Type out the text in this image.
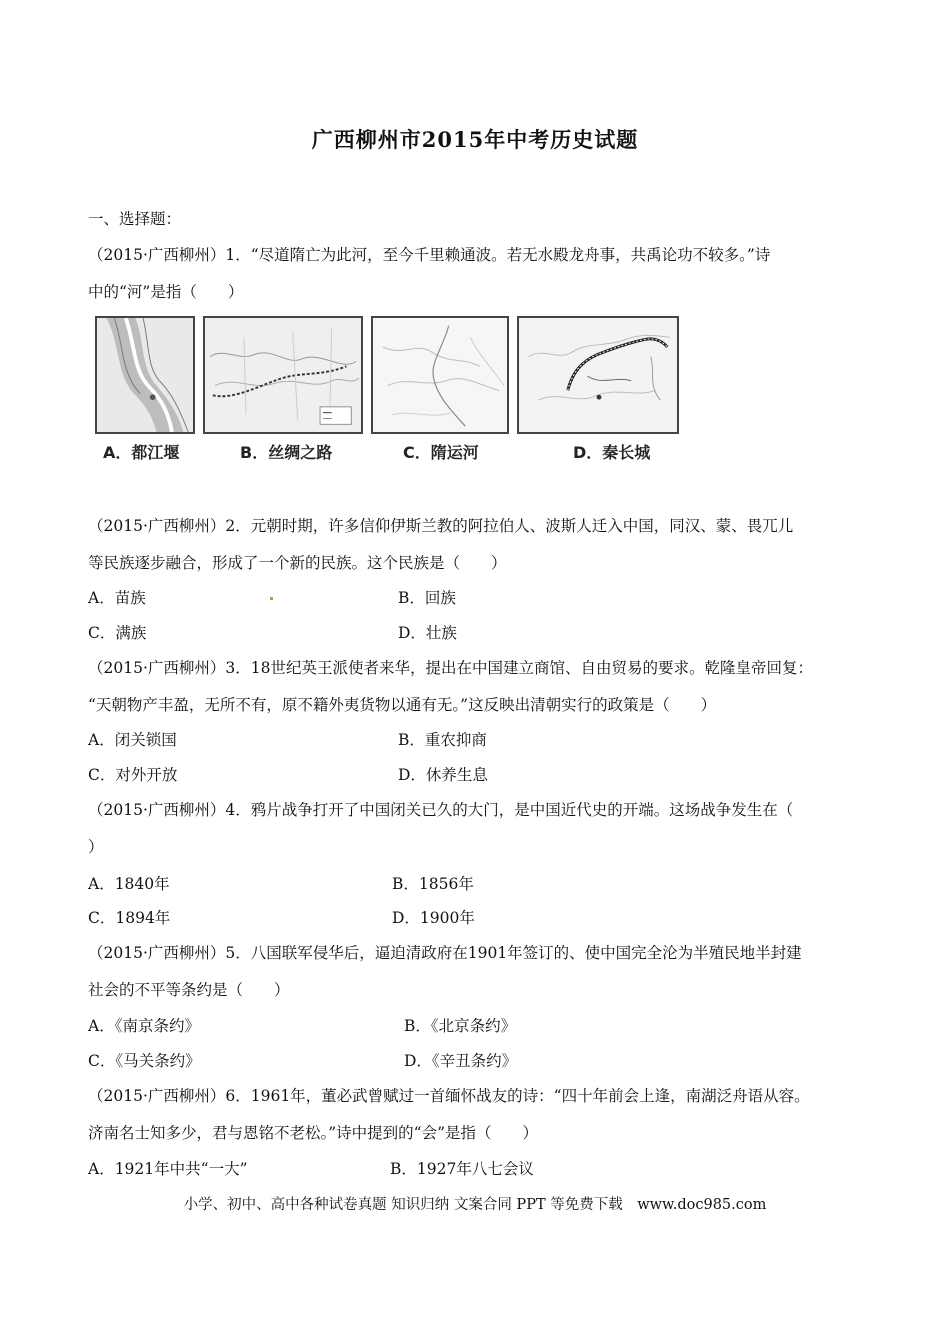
广西柳州市2015年中考历史试题
一、选择题：
（2015·广西柳州）1．“尽道隋亡为此河，至今千里赖通波。若无水殿龙舟事，共禹论功不较多。”诗
中的“河”是指（　　）
A．都江堰	B．丝绸之路	C．隋运河	D．秦长城
（2015·广西柳州）2．元朝时期，许多信仰伊斯兰教的阿拉伯人、波斯人迁入中国，同汉、蒙、畏兀儿
等民族逐步融合，形成了一个新的民族。这个民族是（　　）
A．苗族	B．回族
C．满族	D．壮族
（2015·广西柳州）3．18世纪英王派使者来华，提出在中国建立商馆、自由贸易的要求。乾隆皇帝回复：
“天朝物产丰盈，无所不有，原不籍外夷货物以通有无。”这反映出清朝实行的政策是（　　）
A．闭关锁国	B．重农抑商
C．对外开放	D．休养生息
（2015·广西柳州）4．鸦片战争打开了中国闭关已久的大门，是中国近代史的开端。这场战争发生在（
）
A．1840年	B．1856年
C．1894年	D．1900年
（2015·广西柳州）5．八国联军侵华后，逼迫清政府在1901年签订的、使中国完全沦为半殖民地半封建
社会的不平等条约是（　　）
A．《南京条约》	B．《北京条约》
C．《马关条约》	D．《辛丑条约》
（2015·广西柳州）6．1961年，董必武曾赋过一首缅怀战友的诗：“四十年前会上逢，南湖泛舟语从容。
济南名士知多少，君与恩铭不老松。”诗中提到的“会”是指（　　）
A．1921年中共“一大”	B．1927年八七会议
小学、初中、高中各种试卷真题 知识归纳 文案合同 PPT 等免费下载　www.doc985.com
